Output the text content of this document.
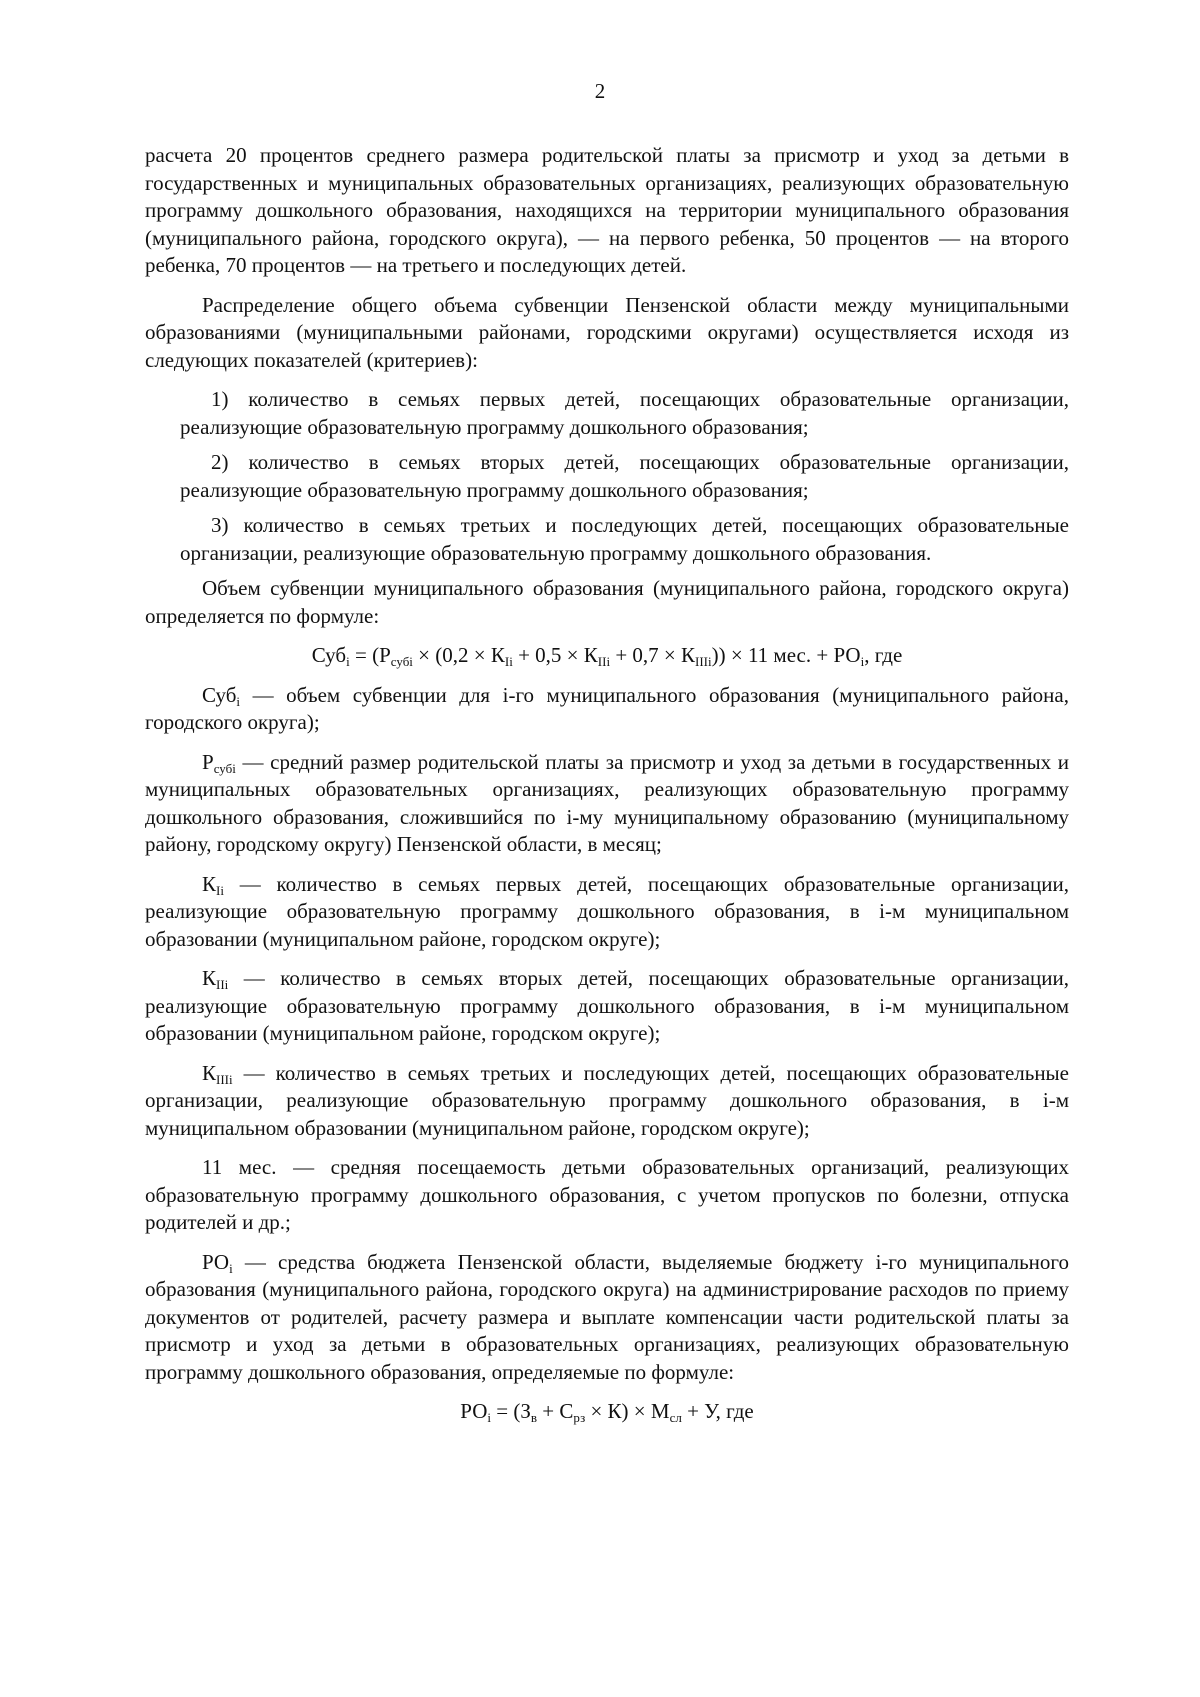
2

расчета 20 процентов среднего размера родительской платы за присмотр и уход за детьми в государственных и муниципальных образовательных организациях, реализующих образовательную программу дошкольного образования, находящихся на территории муниципального образования (муниципального района, городского округа), — на первого ребенка, 50 процентов — на второго ребенка, 70 процентов — на третьего и последующих детей.

Распределение общего объема субвенции Пензенской области между муниципальными образованиями (муниципальными районами, городскими округами) осуществляется исходя из следующих показателей (критериев):

1) количество в семьях первых детей, посещающих образовательные организации, реализующие образовательную программу дошкольного образования;

2) количество в семьях вторых детей, посещающих образовательные организации, реализующие образовательную программу дошкольного образования;

3) количество в семьях третьих и последующих детей, посещающих образовательные организации, реализующие образовательную программу дошкольного образования.

Объем субвенции муниципального образования (муниципального района, городского округа) определяется по формуле:

$Суб_i = (Р_{субi} \times (0,2 \times К_{Ii} + 0,5 \times К_{IIi} + 0,7 \times К_{IIIi})) \times 11$ мес. + $РО_i$, где

Суб$_i$ — объем субвенции для i-го муниципального образования (муниципального района, городского округа);

$Р_{субi}$ — средний размер родительской платы за присмотр и уход за детьми в государственных и муниципальных образовательных организациях, реализующих образовательную программу дошкольного образования, сложившийся по i-му муниципальному образованию (муниципальному району, городскому округу) Пензенской области, в месяц;

$К_{Ii}$ — количество в семьях первых детей, посещающих образовательные организации, реализующие образовательную программу дошкольного образования, в i-м муниципальном образовании (муниципальном районе, городском округе);

$К_{IIi}$ — количество в семьях вторых детей, посещающих образовательные организации, реализующие образовательную программу дошкольного образования, в i-м муниципальном образовании (муниципальном районе, городском округе);

$К_{IIIi}$ — количество в семьях третьих и последующих детей, посещающих образовательные организации, реализующие образовательную программу дошкольного образования, в i-м муниципальном образовании (муниципальном районе, городском округе);

11 мес. — средняя посещаемость детьми образовательных организаций, реализующих образовательную программу дошкольного образования, с учетом пропусков по болезни, отпуска родителей и др.;

$РО_i$ — средства бюджета Пензенской области, выделяемые бюджету i-го муниципального образования (муниципального района, городского округа) на администрирование расходов по приему документов от родителей, расчету размера и выплате компенсации части родительской платы за присмотр и уход за детьми в образовательных организациях, реализующих образовательную программу дошкольного образования, определяемые по формуле:

$РО_i = (З_в + С_{рз} \times К) \times М_{сл} + У$, где
